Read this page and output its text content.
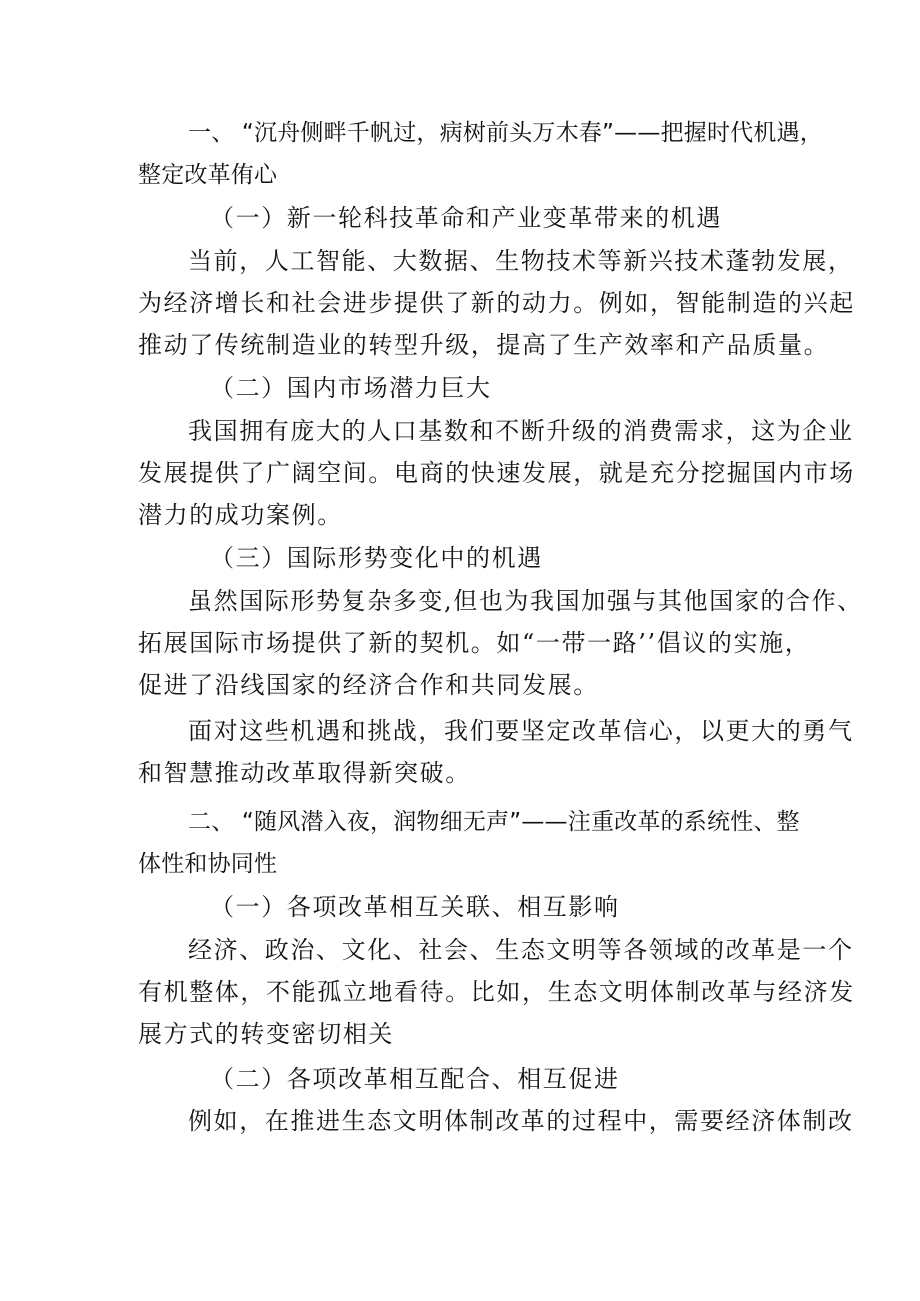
一、 “沉舟侧畔千帆过，病树前头万木春”——把握时代机遇，
整定改革侑心
（一）新一轮科技革命和产业变革带来的机遇
当前，人工智能、大数据、生物技术等新兴技术蓬勃发展，
为经济增长和社会进步提供了新的动力。例如，智能制造的兴起
推动了传统制造业的转型升级，提高了生产效率和产品质量。
（二）国内市场潜力巨大
我国拥有庞大的人口基数和不断升级的消费需求，这为企业
发展提供了广阔空间。电商的快速发展，就是充分挖掘国内市场
潜力的成功案例。
（三）国际形势变化中的机遇
虽然国际形势复杂多变,但也为我国加强与其他国家的合作、
拓展国际市场提供了新的契机。如“一带一路’’倡议的实施，
促进了沿线国家的经济合作和共同发展。
面对这些机遇和挑战，我们要坚定改革信心，以更大的勇气
和智慧推动改革取得新突破。
二、 “随风潜入夜，润物细无声”——注重改革的系统性、整
体性和协同性
（一）各项改革相互关联、相互影响
经济、政治、文化、社会、生态文明等各领域的改革是一个
有机整体，不能孤立地看待。比如，生态文明体制改革与经济发
展方式的转变密切相关
（二）各项改革相互配合、相互促进
例如，在推进生态文明体制改革的过程中，需要经济体制改
